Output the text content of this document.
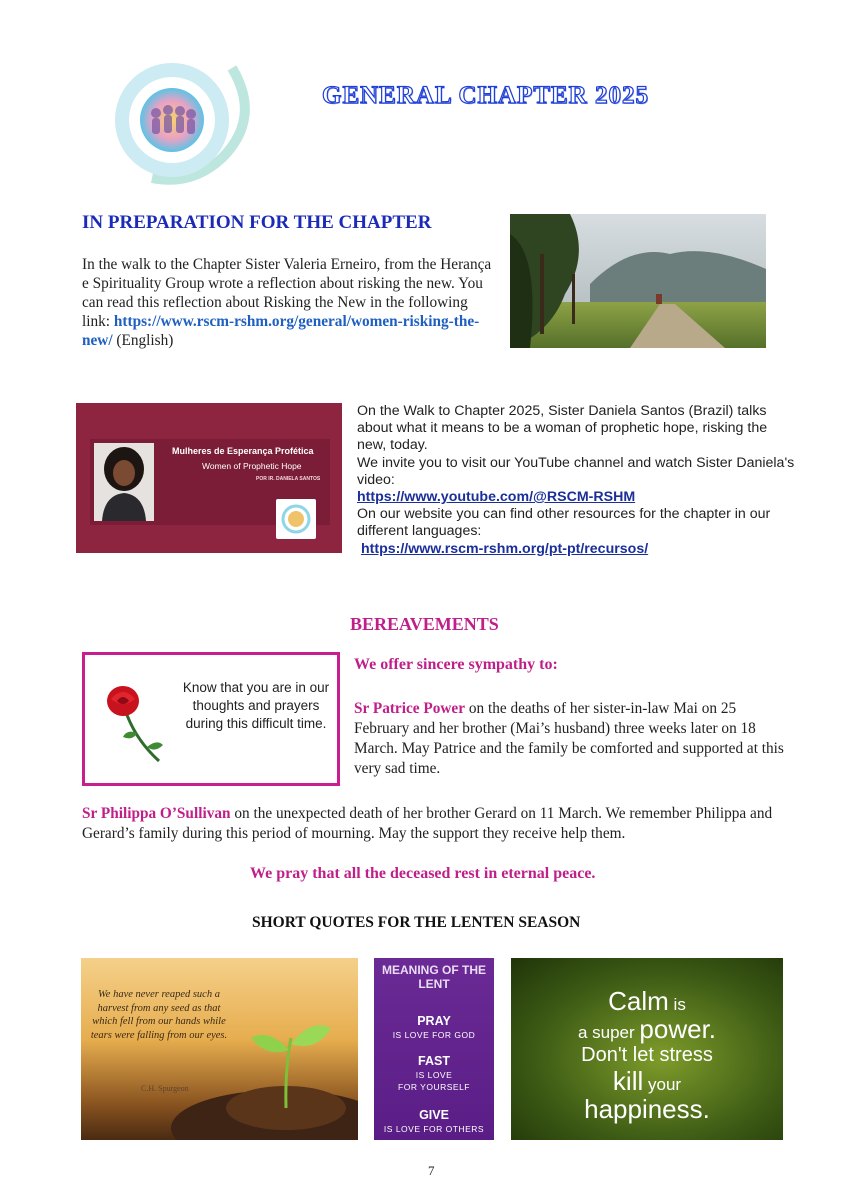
GENERAL CHAPTER 2025
IN PREPARATION FOR THE CHAPTER
In the walk to the Chapter Sister Valeria Erneiro, from the Herança e Spirituality Group wrote a reflection about risking the new. You can read this reflection about Risking the New in the following link: https://www.rscm-rshm.org/general/women-risking-the-new/ (English)
Mulheres de Esperança Profética
Women of Prophetic Hope
POR IR. DANIELA SANTOS

On the Walk to Chapter 2025, Sister Daniela Santos (Brazil) talks about what it means to be a woman of prophetic hope, risking the new, today.

We invite you to visit our YouTube channel and watch Sister Daniela's video:

https://www.youtube.com/@RSCM-RSHM

On our website you can find other resources for the chapter in our different languages:

https://www.rscm-rshm.org/pt-pt/recursos/

BEREAVEMENTS
Know that you are in our thoughts and prayers during this difficult time.
We offer sincere sympathy to:
Sr Patrice Power on the deaths of her sister-in-law Mai on 25 February and her brother (Mai’s husband) three weeks later on 18 March. May Patrice and the family be comforted and supported at this very sad time.
Sr Philippa O’Sullivan on the unexpected death of her brother Gerard on 11 March. We remember Philippa and Gerard’s family during this period of mourning. May the support they receive help them.
We pray that all the deceased rest in eternal peace.
SHORT QUOTES FOR THE LENTEN SEASON
We have never reaped such a harvest from any seed as that which fell from our hands while tears were falling from our eyes.
C.H. Spurgeon
MEANING OF THE LENT
PRAY
IS LOVE FOR GOD
FAST
IS LOVE
FOR YOURSELF
GIVE
IS LOVE FOR OTHERS
Calm is
a super power.
Don't let stress
kill your
happiness.
7
